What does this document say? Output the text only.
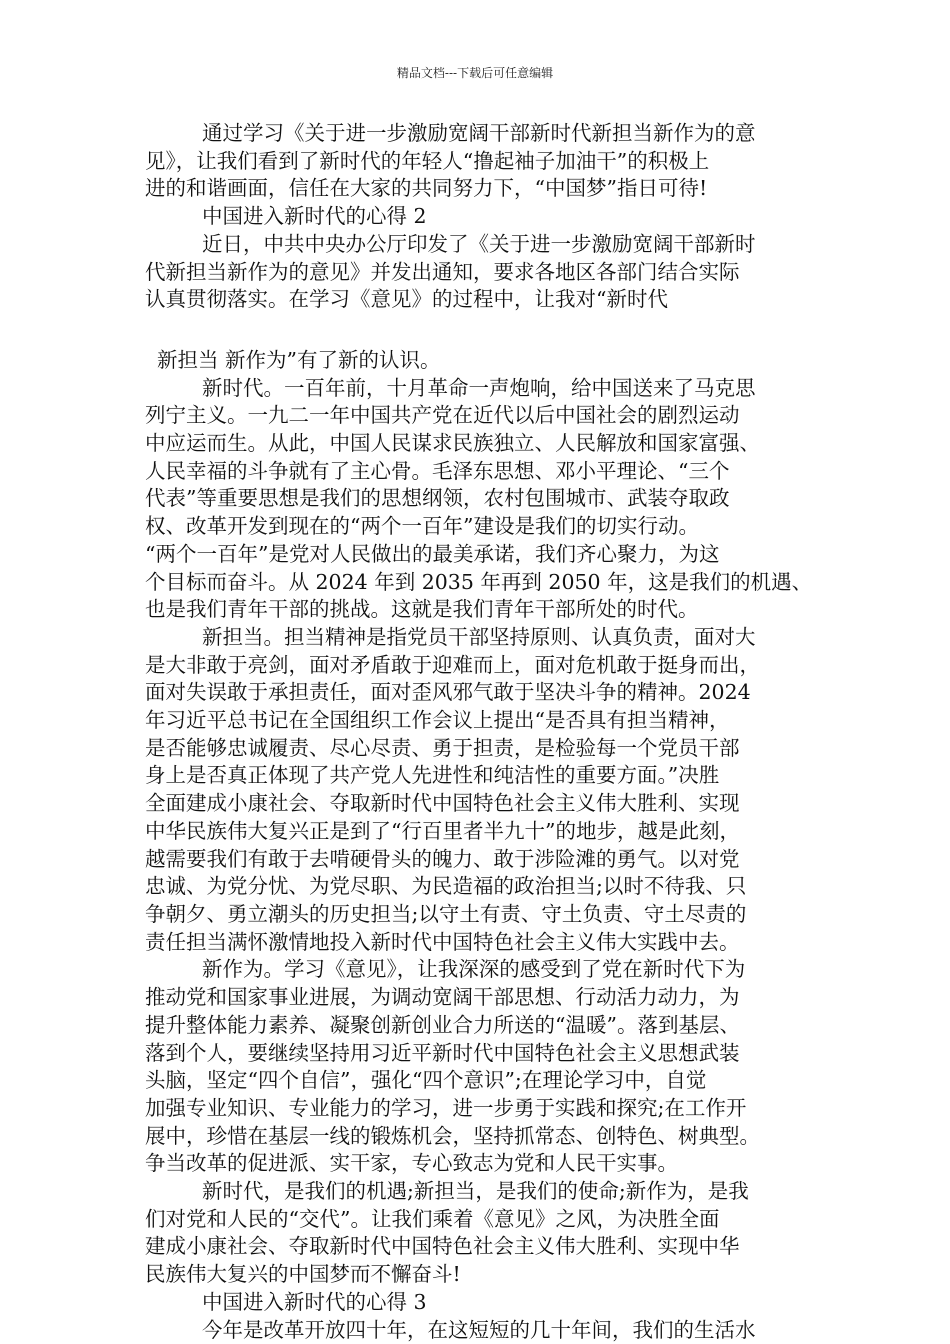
精品文档---下载后可任意编辑
通过学习《关于进一步激励宽阔干部新时代新担当新作为的意
见》，让我们看到了新时代的年轻人“撸起袖子加油干”的积极上
进的和谐画面，信任在大家的共同努力下，“中国梦”指日可待!
中国进入新时代的心得 2
近日，中共中央办公厅印发了《关于进一步激励宽阔干部新时
代新担当新作为的意见》并发出通知，要求各地区各部门结合实际
认真贯彻落实。在学习《意见》的过程中，让我对“新时代
新担当 新作为”有了新的认识。
新时代。一百年前，十月革命一声炮响，给中国送来了马克思
列宁主义。一九二一年中国共产党在近代以后中国社会的剧烈运动
中应运而生。从此，中国人民谋求民族独立、人民解放和国家富强、
人民幸福的斗争就有了主心骨。毛泽东思想、邓小平理论、“三个
代表”等重要思想是我们的思想纲领，农村包围城市、武装夺取政
权、改革开发到现在的“两个一百年”建设是我们的切实行动。
“两个一百年”是党对人民做出的最美承诺，我们齐心聚力，为这
个目标而奋斗。从 2024 年到 2035 年再到 2050 年，这是我们的机遇、
也是我们青年干部的挑战。这就是我们青年干部所处的时代。
新担当。担当精神是指党员干部坚持原则、认真负责，面对大
是大非敢于亮剑，面对矛盾敢于迎难而上，面对危机敢于挺身而出，
面对失误敢于承担责任，面对歪风邪气敢于坚决斗争的精神。2024
年习近平总书记在全国组织工作会议上提出“是否具有担当精神，
是否能够忠诚履责、尽心尽责、勇于担责，是检验每一个党员干部
身上是否真正体现了共产党人先进性和纯洁性的重要方面。”决胜
全面建成小康社会、夺取新时代中国特色社会主义伟大胜利、实现
中华民族伟大复兴正是到了“行百里者半九十”的地步，越是此刻，
越需要我们有敢于去啃硬骨头的魄力、敢于涉险滩的勇气。以对党
忠诚、为党分忧、为党尽职、为民造福的政治担当;以时不待我、只
争朝夕、勇立潮头的历史担当;以守土有责、守土负责、守土尽责的
责任担当满怀激情地投入新时代中国特色社会主义伟大实践中去。
新作为。学习《意见》，让我深深的感受到了党在新时代下为
推动党和国家事业进展，为调动宽阔干部思想、行动活力动力，为
提升整体能力素养、凝聚创新创业合力所送的“温暖”。落到基层、
落到个人，要继续坚持用习近平新时代中国特色社会主义思想武装
头脑，坚定“四个自信”，强化“四个意识”;在理论学习中，自觉
加强专业知识、专业能力的学习，进一步勇于实践和探究;在工作开
展中，珍惜在基层一线的锻炼机会，坚持抓常态、创特色、树典型。
争当改革的促进派、实干家，专心致志为党和人民干实事。
新时代，是我们的机遇;新担当，是我们的使命;新作为，是我
们对党和人民的“交代”。让我们乘着《意见》之风，为决胜全面
建成小康社会、夺取新时代中国特色社会主义伟大胜利、实现中华
民族伟大复兴的中国梦而不懈奋斗!
中国进入新时代的心得 3
今年是改革开放四十年，在这短短的几十年间，我们的生活水
